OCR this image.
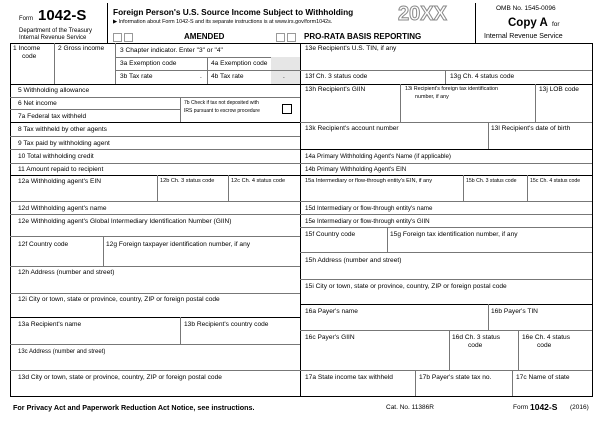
Form 1042-S
Department of the Treasury
Internal Revenue Service
Foreign Person's U.S. Source Income Subject to Withholding
▶ Information about Form 1042-S and its separate instructions is at www.irs.gov/form1042s.
AMENDED	PRO-RATA BASIS REPORTING
20XX	OMB No. 1545-0096
Copy A for
Internal Revenue Service
1 Income
code
2 Gross income 3 Chapter indicator. Enter "3" or "4"
3a Exemption code	4a Exemption code
3b Tax rate	4b Tax rate
.	.
5 Withholding allowance
6 Net income
7a Federal tax withheld
7b Check if tax not deposited with
IRS pursuant to escrow procedure
8 Tax withheld by other agents
9 Tax paid by withholding agent
10 Total withholding credit
11 Amount repaid to recipient
12a Withholding agent's EIN	12b Ch. 3 status code	12c Ch. 4 status code
12d Withholding agent's name
12e Withholding agent's Global Intermediary Identification Number (GIIN)
12f Country code	12g Foreign taxpayer identification number, if any
12h Address (number and street)
12i City or town, state or province, country, ZIP or foreign postal code
13a Recipient's name	13b Recipient's country code
13c Address (number and street)
13d City or town, state or province, country, ZIP or foreign postal code
13e Recipient's U.S. TIN, if any
13f Ch. 3 status code	13g Ch. 4 status code
13h Recipient's GIIN	13i Recipient's foreign tax identification
number, if any
13j LOB code
13k Recipient's account number	13l Recipient's date of birth
14a Primary Withholding Agent's Name (if applicable)
14b Primary Withholding Agent's EIN
15a Intermediary or flow-through entity's EIN, if any	15b Ch. 3 status code	15c Ch. 4 status code
15d Intermediary or flow-through entity's name
15e Intermediary or flow-through entity's GIIN
15f Country code	15g Foreign tax identification number, if any
15h Address (number and street)
15i City or town, state or province, country, ZIP or foreign postal code
16a Payer's name	16b Payer's TIN
16c Payer's GIIN	16d Ch. 3 status
code
16e Ch. 4 status
code
17a State income tax withheld	17b Payer's state tax no.	17c Name of state
For Privacy Act and Paperwork Reduction Act Notice, see instructions.	Cat. No. 11386R	Form 1042-S (2016)
